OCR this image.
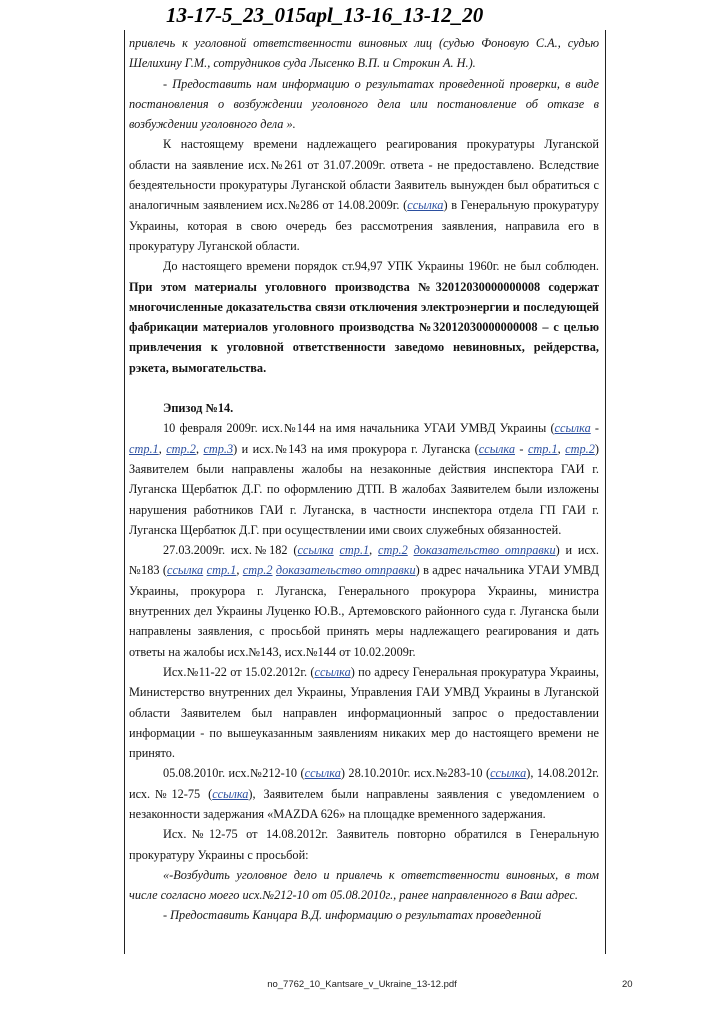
13-17-5_23_015apl_13-16_13-12_20

привлечь к уголовной ответственности виновных лиц (судью Фоновую С.А., судью Шелихину Г.М., сотрудников суда Лысенко В.П. и Строкин А. Н.).

- Предоставить нам информацию о результатах проведенной проверки, в виде постановления о возбуждении уголовного дела или постановление об отказе в возбуждении уголовного дела ».

К настоящему времени надлежащего реагирования прокуратуры Луганской области на заявление исх.№261 от 31.07.2009г. ответа - не предоставлено. Вследствие бездеятельности прокуратуры Луганской области Заявитель вынужден был обратиться с аналогичным заявлением исх.№286 от 14.08.2009г. (ссылка) в Генеральную прокуратуру Украины, которая в свою очередь без рассмотрения заявления, направила его в прокуратуру Луганской области.

До настоящего времени порядок ст.94,97 УПК Украины 1960г. не был соблюден. При этом материалы уголовного производства №32012030000000008 содержат многочисленные доказательства связи отключения электроэнергии и последующей фабрикации материалов уголовного производства №32012030000000008 – с целью привлечения к уголовной ответственности заведомо невиновных, рейдерства, рэкета, вымогательства.

Эпизод №14.

10 февраля 2009г. исх.№144 на имя начальника УГАИ УМВД Украины (ссылка - стр.1, стр.2, стр.3) и исх.№143 на имя прокурора г. Луганска (ссылка - стр.1, стр.2) Заявителем были направлены жалобы на незаконные действия инспектора ГАИ г. Луганска Щербатюк Д.Г. по оформлению ДТП. В жалобах Заявителем были изложены нарушения работников ГАИ г. Луганска, в частности инспектора отдела ГП ГАИ г. Луганска Щербатюк Д.Г. при осуществлении ими своих служебных обязанностей.

27.03.2009г. исх.№182 (ссылка стр.1, стр.2 доказательство отправки) и исх.№183 (ссылка стр.1, стр.2 доказательство отправки) в адрес начальника УГАИ УМВД Украины, прокурора г. Луганска, Генерального прокурора Украины, министра внутренних дел Украины Луценко Ю.В., Артемовского районного суда г. Луганска были направлены заявления, с просьбой принять меры надлежащего реагирования и дать ответы на жалобы исх.№143, исх.№144 от 10.02.2009г.

Исх.№11-22 от 15.02.2012г. (ссылка) по адресу Генеральная прокуратура Украины, Министерство внутренних дел Украины, Управления ГАИ УМВД Украины в Луганской области Заявителем был направлен информационный запрос о предоставлении информации - по вышеуказанным заявлениям никаких мер до настоящего времени не принято.

05.08.2010г. исх.№212-10 (ссылка) 28.10.2010г. исх.№283-10 (ссылка), 14.08.2012г. исх.№12-75 (ссылка), Заявителем были направлены заявления с уведомлением о незаконности задержания «MAZDA 626» на площадке временного задержания.

Исх.№12-75 от 14.08.2012г. Заявитель повторно обратился в Генеральную прокуратуру Украины с просьбой:

«-Возбудить уголовное дело и привлечь к ответственности виновных, в том числе согласно моего исх.№212-10 от 05.08.2010г., ранее направленного в Ваш адрес.

- Предоставить Канцара В.Д. информацию о результатах проведенной

no_7762_10_Kantsare_v_Ukraine_13-12.pdf	20
